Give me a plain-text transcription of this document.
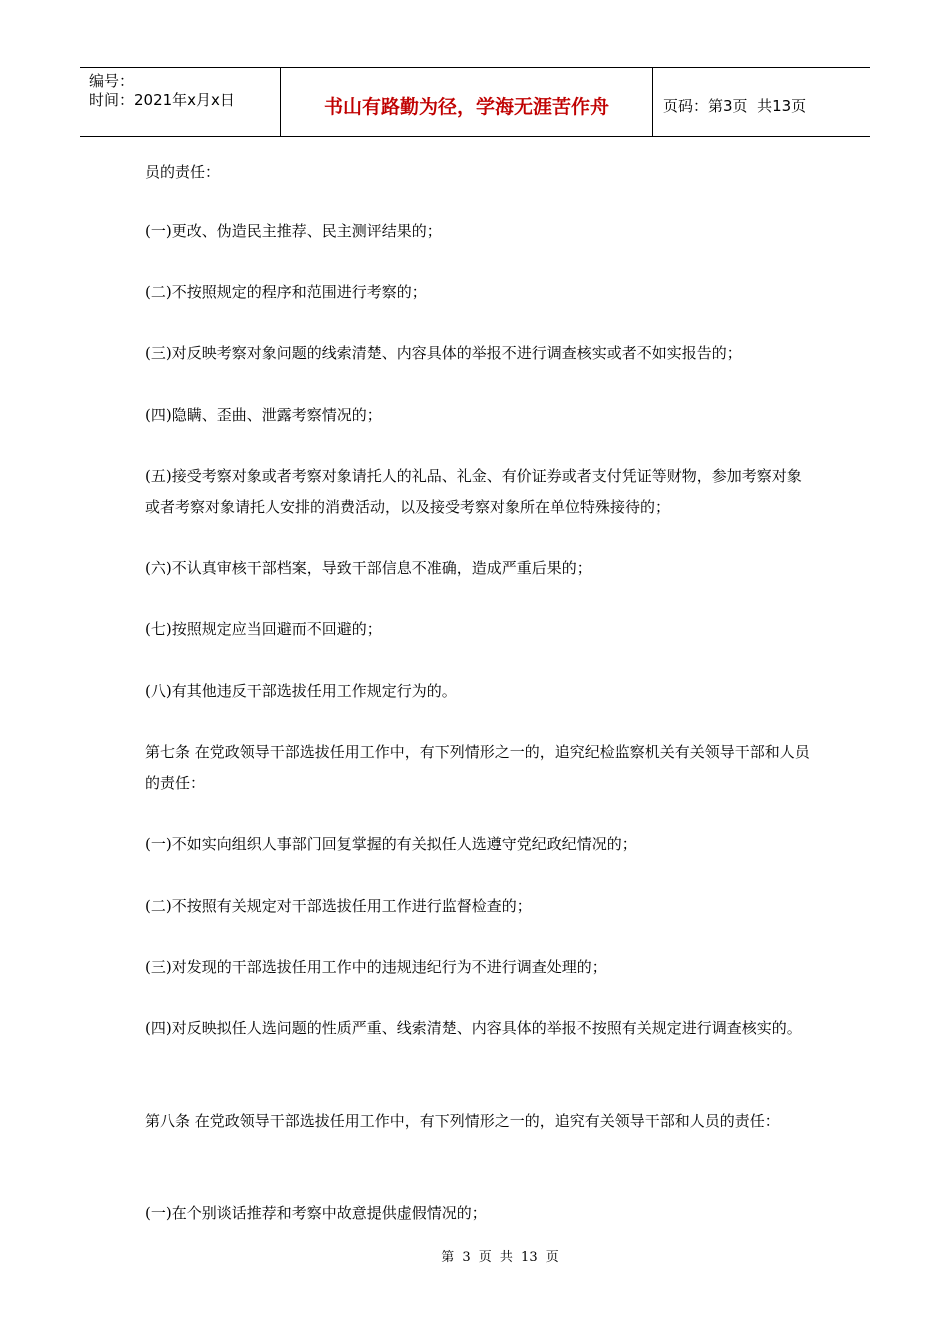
编号：
时间：2021年x月x日	书山有路勤为径，学海无涯苦作舟	页码：第3页  共13页

员的责任：

(一)更改、伪造民主推荐、民主测评结果的；

(二)不按照规定的程序和范围进行考察的；

(三)对反映考察对象问题的线索清楚、内容具体的举报不进行调查核实或者不如实报告的；

(四)隐瞒、歪曲、泄露考察情况的；

(五)接受考察对象或者考察对象请托人的礼品、礼金、有价证券或者支付凭证等财物，参加考察对象或者考察对象请托人安排的消费活动，以及接受考察对象所在单位特殊接待的；

(六)不认真审核干部档案，导致干部信息不准确，造成严重后果的；

(七)按照规定应当回避而不回避的；

(八)有其他违反干部选拔任用工作规定行为的。

第七条 在党政领导干部选拔任用工作中，有下列情形之一的，追究纪检监察机关有关领导干部和人员的责任：

(一)不如实向组织人事部门回复掌握的有关拟任人选遵守党纪政纪情况的；

(二)不按照有关规定对干部选拔任用工作进行监督检查的；

(三)对发现的干部选拔任用工作中的违规违纪行为不进行调查处理的；

(四)对反映拟任人选问题的性质严重、线索清楚、内容具体的举报不按照有关规定进行调查核实的。

第八条 在党政领导干部选拔任用工作中，有下列情形之一的，追究有关领导干部和人员的责任：

(一)在个别谈话推荐和考察中故意提供虚假情况的；

第 3 页 共 13 页
